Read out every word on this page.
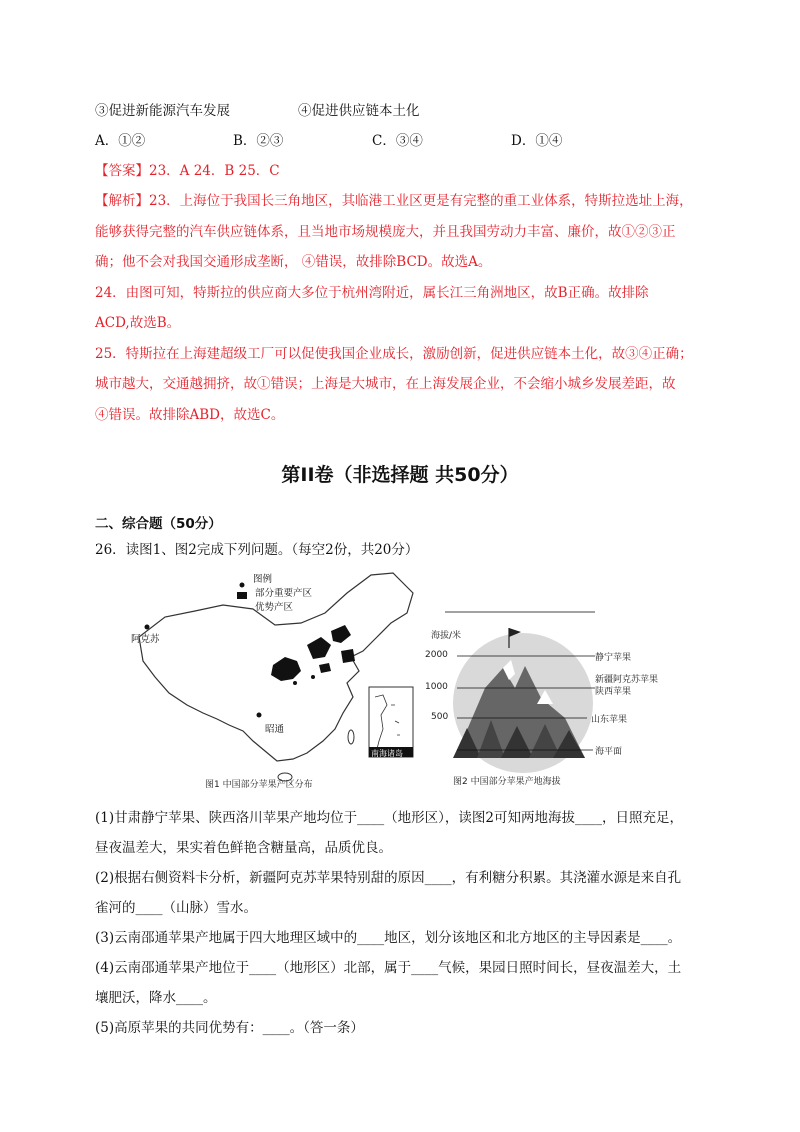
③促进新能源汽车发展	④促进供应链本土化
A．①②	B．②③	C．③④	D．①④
【答案】23．A 24．B 25．C
【解析】23．上海位于我国长三角地区，其临港工业区更是有完整的重工业体系，特斯拉选址上海，
能够获得完整的汽车供应链体系，且当地市场规模庞大，并且我国劳动力丰富、廉价，故①②③正
确；他不会对我国交通形成垄断， ④错误，故排除BCD。故选A。
24．由图可知，特斯拉的供应商大多位于杭州湾附近，属长江三角洲地区，故B正确。故排除
ACD,故选B。
25．特斯拉在上海建超级工厂可以促使我国企业成长，激励创新，促进供应链本土化，故③④正确；
城市越大，交通越拥挤，故①错误；上海是大城市，在上海发展企业，不会缩小城乡发展差距，故
④错误。故排除ABD，故选C。
第II卷（非选择题 共50分）
二、综合题（50分）
26．读图1、图2完成下列问题。（每空2份，共20分）
图例
部分重要产区
优势产区
阿克苏
昭通
南海诸岛
图1 中国部分苹果产区分布
海拔/米
2000
1000
500
静宁苹果
新疆阿克苏苹果
陕西苹果
山东苹果
海平面
图2 中国部分苹果产地海拔
(1)甘肃静宁苹果、陕西洛川苹果产地均位于____（地形区），读图2可知两地海拔____，日照充足，
昼夜温差大，果实着色鲜艳含糖量高，品质优良。
(2)根据右侧资料卡分析，新疆阿克苏苹果特别甜的原因____，有利糖分积累。其浇灌水源是来自孔
雀河的____（山脉）雪水。
(3)云南邵通苹果产地属于四大地理区域中的____地区，划分该地区和北方地区的主导因素是____。
(4)云南邵通苹果产地位于____（地形区）北部，属于____气候，果园日照时间长，昼夜温差大，土
壤肥沃，降水____。
(5)高原苹果的共同优势有：____。（答一条）
